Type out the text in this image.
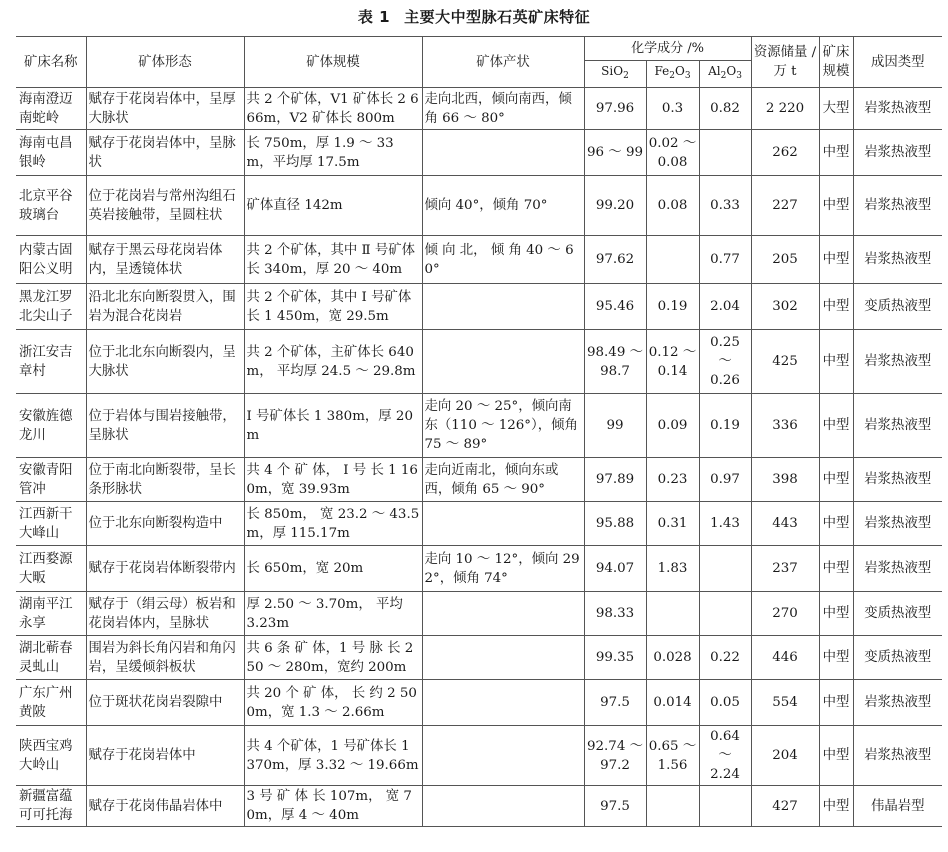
表 1 主要大中型脉石英矿床特征
矿床名称	矿体形态	矿体规模	矿体产状	化学成分 /%			资源储量 / 万 t	矿床规模	成因类型
				SiO$_2$	$Fe_2O_3$	$Al_2O_3$
海南澄迈南蛇岭	赋存于花岗岩体中，呈厚大脉状	共 2 个矿体，V1 矿体长 2 666m，V2 矿体长 800m	走向北西，倾向南西，倾角 66 ～ 80°	97.96	0.3	0.82	2 220	大型	岩浆热液型
海南屯昌银岭	赋存于花岗岩体中，呈脉状	长 750m，厚 1.9 ～ 33m，平均厚 17.5m		96 ～ 99	0.02 ～ 0.08		262	中型	岩浆热液型
北京平谷玻璃台	位于花岗岩与常州沟组石英岩接触带，呈圆柱状	矿体直径 142m	倾向 40°，倾角 70°	99.20	0.08	0.33	227	中型	岩浆热液型
内蒙古固阳公义明	赋存于黑云母花岗岩体内，呈透镜体状	共 2 个矿体，其中 Ⅱ 号矿体长 340m，厚 20 ～ 40m	倾 向 北， 倾 角 40 ～ 60°	97.62		0.77	205	中型	岩浆热液型
黑龙江罗北尖山子	沿北北东向断裂贯入，围岩为混合花岗岩	共 2 个矿体，其中 I 号矿体长 1 450m，宽 29.5m		95.46	0.19	2.04	302	中型	变质热液型
浙江安吉章村	位于北北东向断裂内，呈大脉状	共 2 个矿体，主矿体长 640m， 平均厚 24.5 ～ 29.8m		98.49 ～ 98.7	0.12 ～ 0.14	0.25 ～ 0.26	425	中型	岩浆热液型
安徽旌德龙川	位于岩体与围岩接触带，呈脉状	Ⅰ 号矿体长 1 380m，厚 20m	走向 20 ～ 25°，倾向南东（110 ～ 126°），倾角 75 ～ 89°	99	0.09	0.19	336	中型	岩浆热液型
安徽青阳管冲	位于南北向断裂带，呈长条形脉状	共 4 个 矿 体， Ⅰ 号 长 1 160m，宽 39.93m	走向近南北，倾向东或西，倾角 65 ～ 90°	97.89	0.23	0.97	398	中型	岩浆热液型
江西新干大峰山	位于北东向断裂构造中	长 850m， 宽 23.2 ～ 43.5m，厚 115.17m		95.88	0.31	1.43	443	中型	岩浆热液型
江西婺源大畈	赋存于花岗岩体断裂带内	长 650m，宽 20m	走向 10 ～ 12°，倾向 292°，倾角 74°	94.07	1.83		237	中型	岩浆热液型
湖南平江永享	赋存于（绢云母）板岩和花岗岩体内，呈脉状	厚 2.50 ～ 3.70m， 平均 3.23m		98.33			270	中型	变质热液型
湖北蕲春灵虬山	围岩为斜长角闪岩和角闪岩，呈缓倾斜板状	共 6 条 矿 体，1 号 脉 长 250 ～ 280m，宽约 200m		99.35	0.028	0.22	446	中型	变质热液型
广东广州黄陂	位于斑状花岗岩裂隙中	共 20 个 矿 体， 长 约 2 500m，宽 1.3 ～ 2.66m		97.5	0.014	0.05	554	中型	岩浆热液型
陕西宝鸡大岭山	赋存于花岗岩体中	共 4 个矿体，1 号矿体长 1 370m，厚 3.32 ～ 19.66m		92.74 ～ 97.2	0.65 ～ 1.56	0.64 ～ 2.24	204	中型	岩浆热液型
新疆富蕴可可托海	赋存于花岗伟晶岩体中	3 号 矿 体 长 107m， 宽 70m，厚 4 ～ 40m		97.5			427	中型	伟晶岩型
